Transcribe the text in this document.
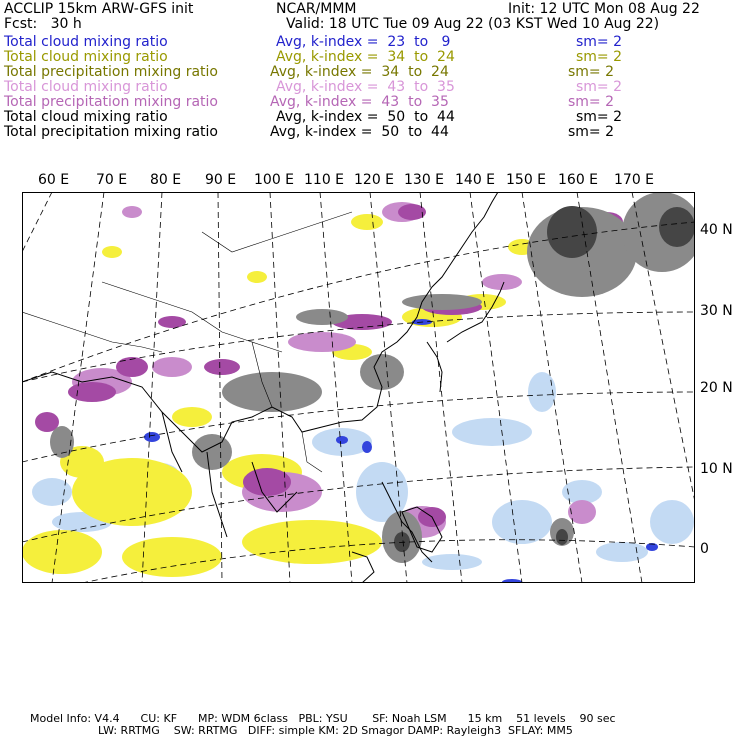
ACCLIP 15km ARW-GFS init	NCAR/MMM	Init: 12 UTC Mon 08 Aug 22
Fcst:   30 h	Valid: 18 UTC Tue 09 Aug 22 (03 KST Wed 10 Aug 22)
Total cloud mixing ratio	Avg, k-index =  23  to   9	sm= 2
Total cloud mixing ratio	Avg, k-index =  34  to  24	sm= 2
Total precipitation mixing ratio	Avg, k-index =  34  to  24	sm= 2
Total cloud mixing ratio	Avg, k-index =  43  to  35	sm= 2
Total precipitation mixing ratio	Avg, k-index =  43  to  35	sm= 2
Total cloud mixing ratio	Avg, k-index =  50  to  44	sm= 2
Total precipitation mixing ratio	Avg, k-index =  50  to  44	sm= 2
60 E 70 E 80 E 90 E 100 E 110 E 120 E 130 E 140 E 150 E 160 E 170 E
40 N
30 N
20 N
10 N
0
Model Info: V4.4      CU: KF      MP: WDM 6class   PBL: YSU       SF: Noah LSM      15 km    51 levels    90 sec
LW: RRTMG    SW: RRTMG   DIFF: simple KM: 2D Smagor DAMP: Rayleigh3  SFLAY: MM5
